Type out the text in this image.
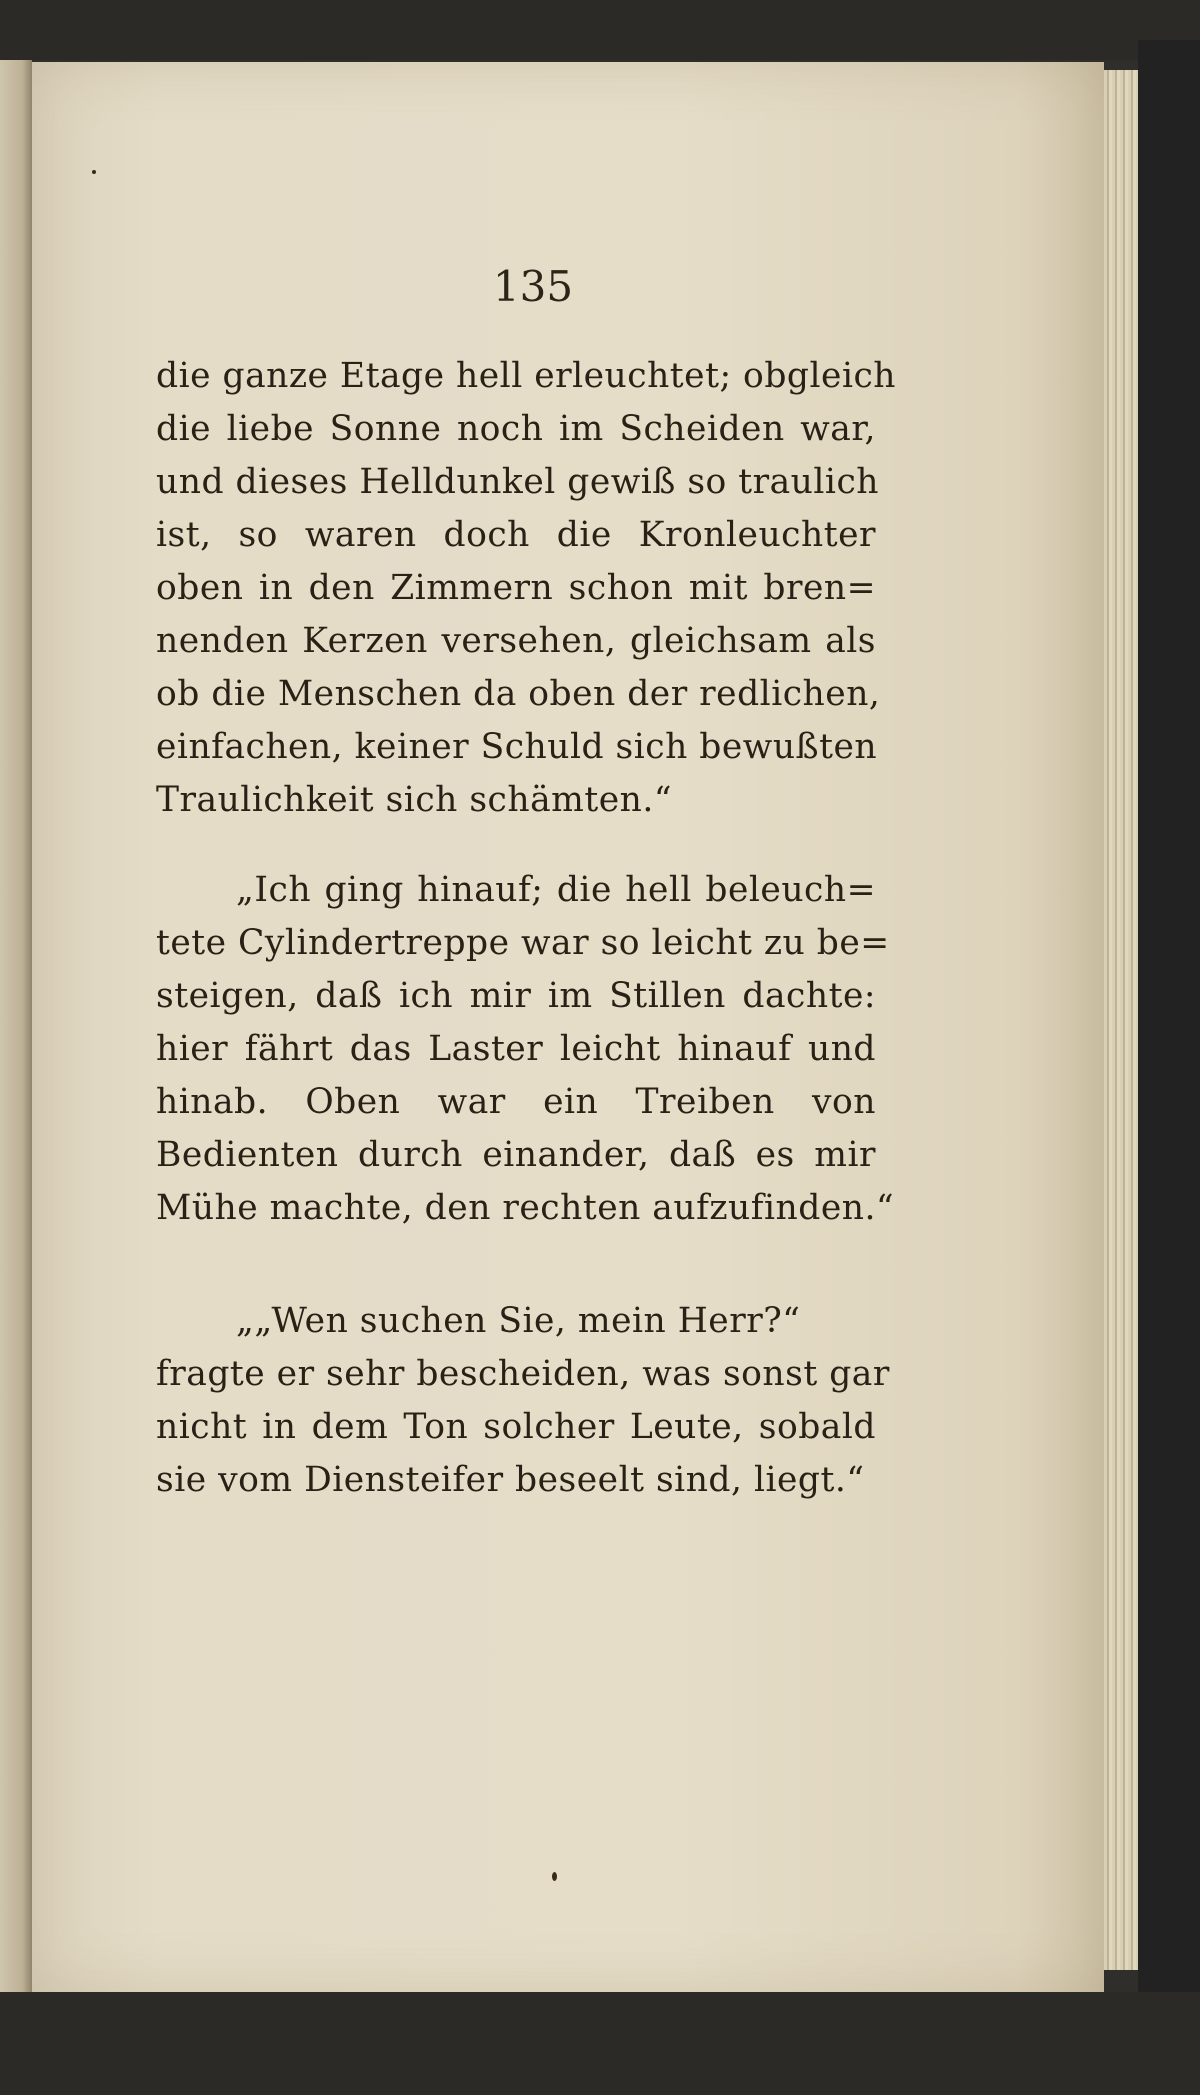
135
die ganze Etage hell erleuchtet; obgleich
die liebe Sonne noch im Scheiden war,
und dieses Helldunkel gewiß so traulich
ist, so waren doch die Kronleuchter
oben in den Zimmern schon mit bren=
nenden Kerzen versehen, gleichsam als
ob die Menschen da oben der redlichen,
einfachen, keiner Schuld sich bewußten
Traulichkeit sich schämten.“
„Ich ging hinauf; die hell beleuch=
tete Cylindertreppe war so leicht zu be=
steigen, daß ich mir im Stillen dachte:
hier fährt das Laster leicht hinauf und
hinab. Oben war ein Treiben von
Bedienten durch einander, daß es mir
Mühe machte, den rechten aufzufinden.“
„„Wen suchen Sie, mein Herr?“
fragte er sehr bescheiden, was sonst gar
nicht in dem Ton solcher Leute, sobald
sie vom Diensteifer beseelt sind, liegt.“
